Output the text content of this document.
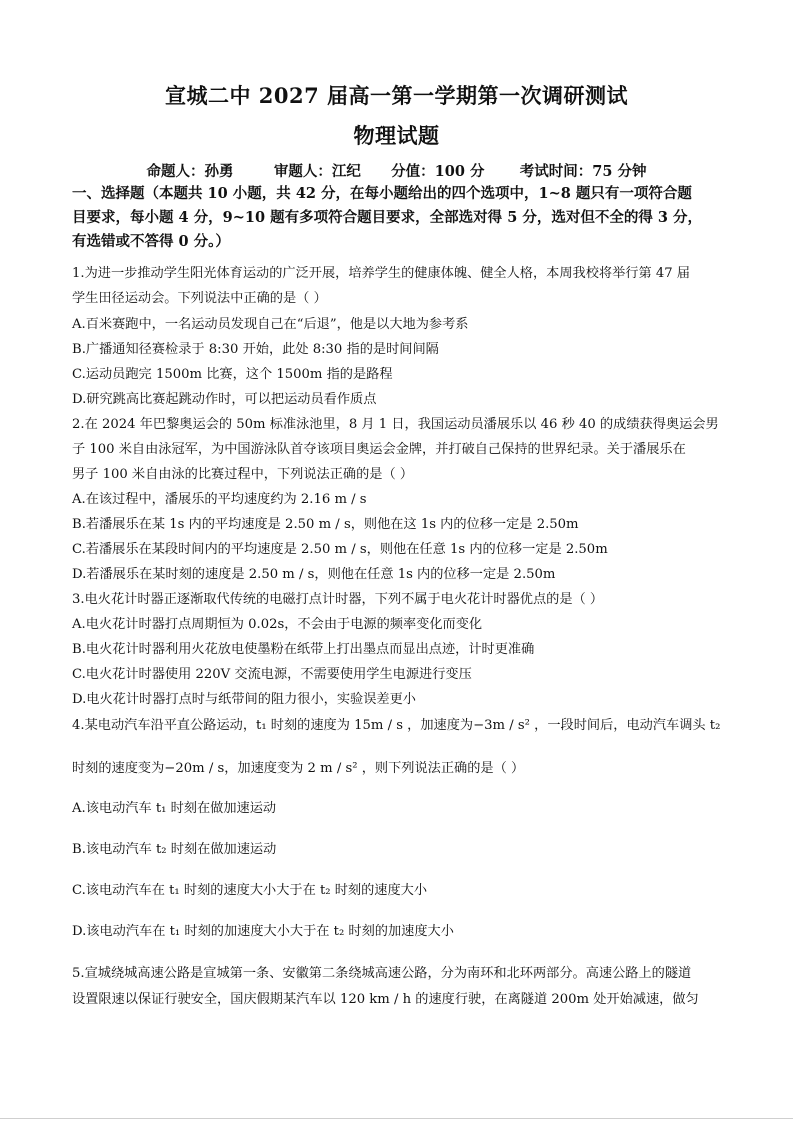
宣城二中 2027 届高一第一学期第一次调研测试
物理试题
命题人：孙勇        审题人：江纪      分值：100 分       考试时间：75 分钟
一、选择题（本题共 10 小题，共 42 分，在每小题给出的四个选项中，1~8 题只有一项符合题
目要求，每小题 4 分，9~10 题有多项符合题目要求，全部选对得 5 分，选对但不全的得 3 分，
有选错或不答得 0 分。）
1.为进一步推动学生阳光体育运动的广泛开展，培养学生的健康体魄、健全人格，本周我校将举行第 47 届
学生田径运动会。下列说法中正确的是（ ）
A.百米赛跑中，一名运动员发现自己在“后退”，他是以大地为参考系
B.广播通知径赛检录于 8:30 开始，此处 8:30 指的是时间间隔
C.运动员跑完 1500m 比赛，这个 1500m 指的是路程
D.研究跳高比赛起跳动作时，可以把运动员看作质点
2.在 2024 年巴黎奥运会的 50m 标准泳池里，8 月 1 日，我国运动员潘展乐以 46 秒 40 的成绩获得奥运会男
子 100 米自由泳冠军，为中国游泳队首夺该项目奥运会金牌，并打破自己保持的世界纪录。关于潘展乐在
男子 100 米自由泳的比赛过程中，下列说法正确的是（ ）
A.在该过程中，潘展乐的平均速度约为 2.16 m / s
B.若潘展乐在某 1s 内的平均速度是 2.50 m / s，则他在这 1s 内的位移一定是 2.50m
C.若潘展乐在某段时间内的平均速度是 2.50 m / s，则他在任意 1s 内的位移一定是 2.50m
D.若潘展乐在某时刻的速度是 2.50 m / s，则他在任意 1s 内的位移一定是 2.50m
3.电火花计时器正逐渐取代传统的电磁打点计时器，下列不属于电火花计时器优点的是（ ）
A.电火花计时器打点周期恒为 0.02s，不会由于电源的频率变化而变化
B.电火花计时器利用火花放电使墨粉在纸带上打出墨点而显出点迹，计时更准确
C.电火花计时器使用 220V 交流电源，不需要使用学生电源进行变压
D.电火花计时器打点时与纸带间的阻力很小，实验误差更小
4.某电动汽车沿平直公路运动，t₁ 时刻的速度为 15m / s ，加速度为−3m / s² ，一段时间后，电动汽车调头 t₂
时刻的速度变为−20m / s，加速度变为 2 m / s² ，则下列说法正确的是（ ）
A.该电动汽车 t₁ 时刻在做加速运动
B.该电动汽车 t₂ 时刻在做加速运动
C.该电动汽车在 t₁ 时刻的速度大小大于在 t₂ 时刻的速度大小
D.该电动汽车在 t₁ 时刻的加速度大小大于在 t₂ 时刻的加速度大小
5.宣城绕城高速公路是宣城第一条、安徽第二条绕城高速公路，分为南环和北环两部分。高速公路上的隧道
设置限速以保证行驶安全，国庆假期某汽车以 120 km / h 的速度行驶，在离隧道 200m 处开始减速，做匀
